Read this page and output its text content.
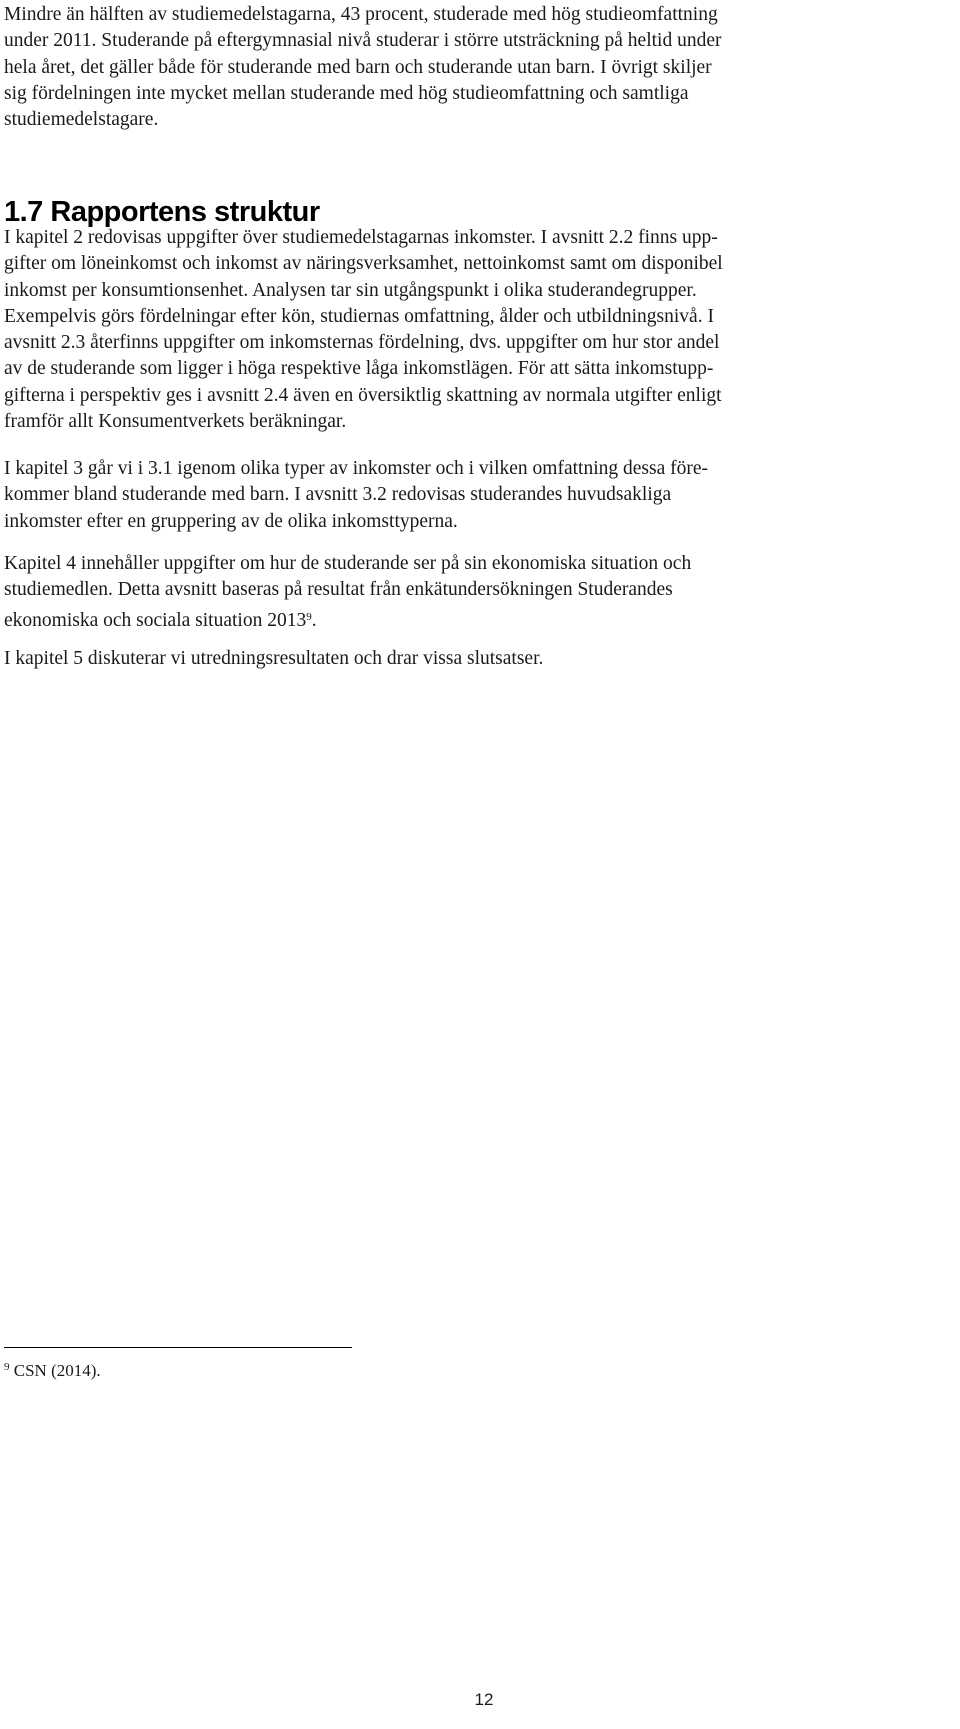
Mindre än hälften av studiemedelstagarna, 43 procent, studerade med hög studieomfattning
under 2011. Studerande på eftergymnasial nivå studerar i större utsträckning på heltid under
hela året, det gäller både för studerande med barn och studerande utan barn. I övrigt skiljer
sig fördelningen inte mycket mellan studerande med hög studieomfattning och samtliga
studiemedelstagare.
1.7 Rapportens struktur
I kapitel 2 redovisas uppgifter över studiemedelstagarnas inkomster. I avsnitt 2.2 finns upp-
gifter om löneinkomst och inkomst av näringsverksamhet, nettoinkomst samt om disponibel
inkomst per konsumtionsenhet. Analysen tar sin utgångspunkt i olika studerandegrupper.
Exempelvis görs fördelningar efter kön, studiernas omfattning, ålder och utbildningsnivå. I
avsnitt 2.3 återfinns uppgifter om inkomsternas fördelning, dvs. uppgifter om hur stor andel
av de studerande som ligger i höga respektive låga inkomstlägen. För att sätta inkomstupp-
gifterna i perspektiv ges i avsnitt 2.4 även en översiktlig skattning av normala utgifter enligt
framför allt Konsumentverkets beräkningar.
I kapitel 3 går vi i 3.1 igenom olika typer av inkomster och i vilken omfattning dessa före-
kommer bland studerande med barn. I avsnitt 3.2 redovisas studerandes huvudsakliga
inkomster efter en gruppering av de olika inkomsttyperna.
Kapitel 4 innehåller uppgifter om hur de studerande ser på sin ekonomiska situation och
studiemedlen. Detta avsnitt baseras på resultat från enkätundersökningen Studerandes
ekonomiska och sociala situation 2013$^9$.
I kapitel 5 diskuterar vi utredningsresultaten och drar vissa slutsatser.
$^9$ CSN (2014).
12
